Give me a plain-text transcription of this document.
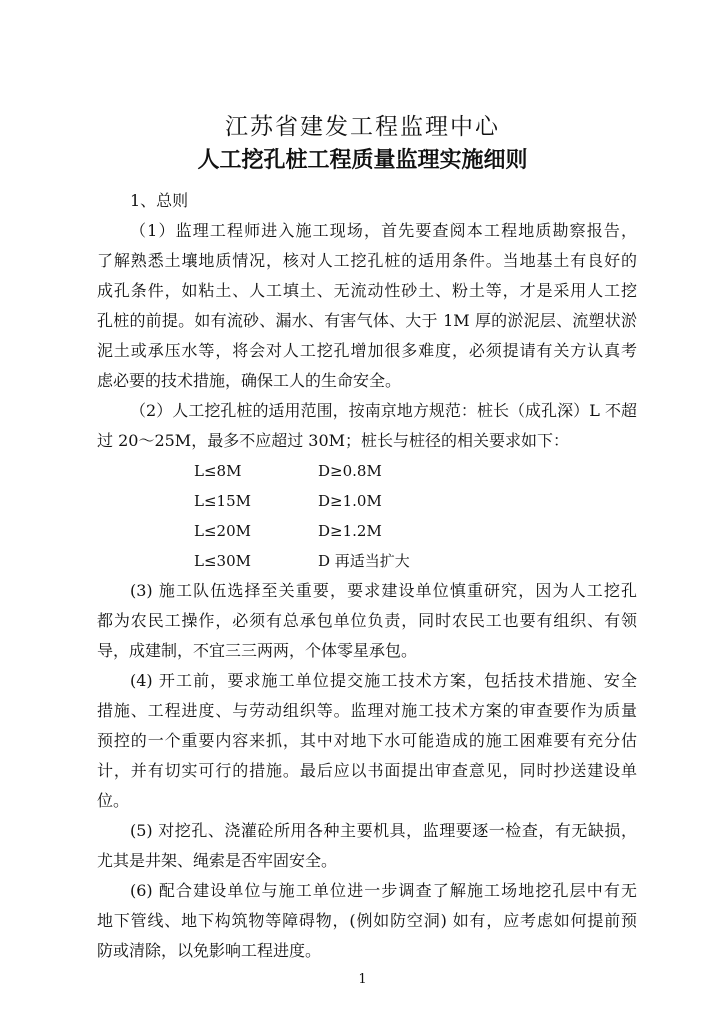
江苏省建发工程监理中心
人工挖孔桩工程质量监理实施细则
1、总则
（1）监理工程师进入施工现场，首先要查阅本工程地质勘察报告，
了解熟悉土壤地质情况，核对人工挖孔桩的适用条件。当地基土有良好的
成孔条件，如粘土、人工填土、无流动性砂土、粉土等，才是采用人工挖
孔桩的前提。如有流砂、漏水、有害气体、大于 1M 厚的淤泥层、流塑状淤
泥土或承压水等，将会对人工挖孔增加很多难度，必须提请有关方认真考
虑必要的技术措施，确保工人的生命安全。
（2）人工挖孔桩的适用范围，按南京地方规范：桩长（成孔深）L 不超
过 20～25M，最多不应超过 30M；桩长与桩径的相关要求如下：
L≤8M	D≥0.8M
L≤15M	D≥1.0M
L≤20M	D≥1.2M
L≤30M	D 再适当扩大
(3) 施工队伍选择至关重要，要求建设单位慎重研究，因为人工挖孔
都为农民工操作，必须有总承包单位负责，同时农民工也要有组织、有领
导，成建制，不宜三三两两，个体零星承包。
(4) 开工前，要求施工单位提交施工技术方案，包括技术措施、安全
措施、工程进度、与劳动组织等。监理对施工技术方案的审查要作为质量
预控的一个重要内容来抓，其中对地下水可能造成的施工困难要有充分估
计，并有切实可行的措施。最后应以书面提出审查意见，同时抄送建设单
位。
(5) 对挖孔、浇灌砼所用各种主要机具，监理要逐一检查，有无缺损，
尤其是井架、绳索是否牢固安全。
(6) 配合建设单位与施工单位进一步调查了解施工场地挖孔层中有无
地下管线、地下构筑物等障碍物，(例如防空洞) 如有，应考虑如何提前预
防或清除，以免影响工程进度。
1
